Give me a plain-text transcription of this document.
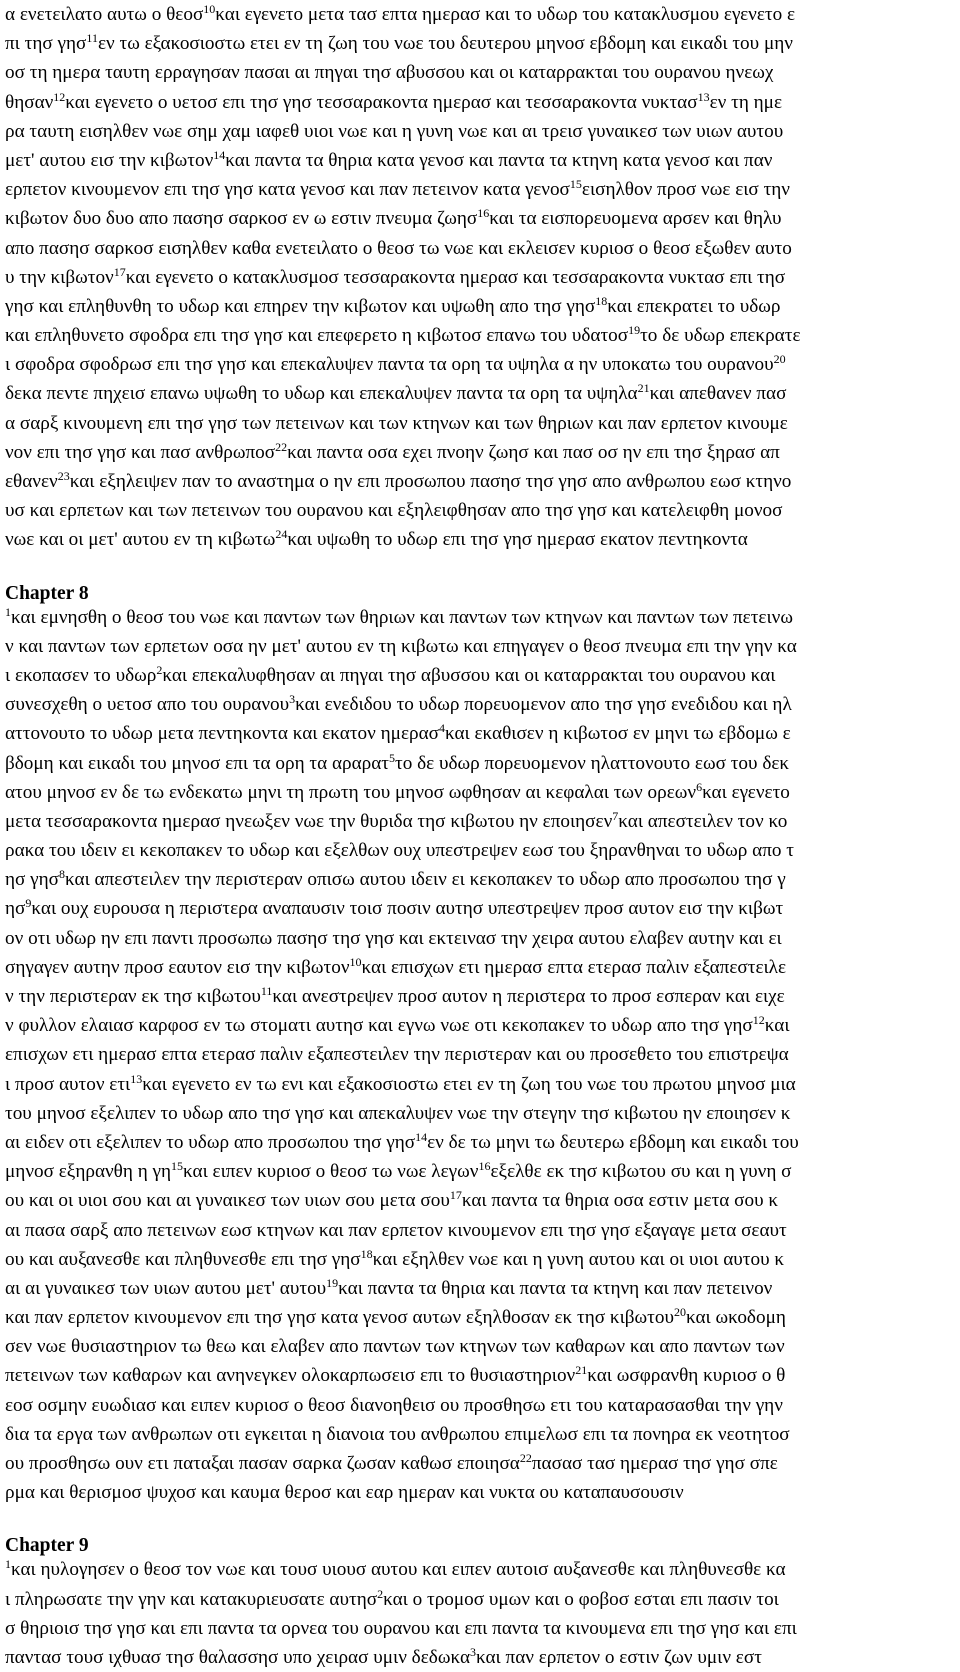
α ενετειλατο αυτω ο θεοσ$^{10}$και εγενετο μετα τασ επτα ημερασ και το υδωρ του κατακλυσμου εγενετο ε
πι τησ γησ$^{11}$εν τω εξακοσιοστω ετει εν τη ζωη του νωε του δευτερου μηνοσ εβδομη και εικαδι του μην
οσ τη ημερα ταυτη ερραγησαν πασαι αι πηγαι τησ αβυσσου και οι καταρρακται του ουρανου ηνεωχ
θησαν$^{12}$και εγενετο ο υετοσ επι τησ γησ τεσσαρακοντα ημερασ και τεσσαρακοντα νυκτασ$^{13}$εν τη ημε
ρα ταυτη εισηλθεν νωε σημ χαμ ιαφεθ υιοι νωε και η γυνη νωε και αι τρεισ γυναικεσ των υιων αυτου
μετ' αυτου εισ την κιβωτον$^{14}$και παντα τα θηρια κατα γενοσ και παντα τα κτηνη κατα γενοσ και παν
ερπετον κινουμενον επι τησ γησ κατα γενοσ και παν πετεινον κατα γενοσ$^{15}$εισηλθον προσ νωε εισ την
κιβωτον δυο δυο απο πασησ σαρκοσ εν ω εστιν πνευμα ζωησ$^{16}$και τα εισπορευομενα αρσεν και θηλυ
απο πασησ σαρκοσ εισηλθεν καθα ενετειλατο ο θεοσ τω νωε και εκλεισεν κυριοσ ο θεοσ εξωθεν αυτο
υ την κιβωτον$^{17}$και εγενετο ο κατακλυσμοσ τεσσαρακοντα ημερασ και τεσσαρακοντα νυκτασ επι τησ
γησ και επληθυνθη το υδωρ και επηρεν την κιβωτον και υψωθη απο τησ γησ$^{18}$και επεκρατει το υδωρ
και επληθυνετο σφοδρα επι τησ γησ και επεφερετο η κιβωτοσ επανω του υδατοσ$^{19}$το δε υδωρ επεκρατε
ι σφοδρα σφοδρωσ επι τησ γησ και επεκαλυψεν παντα τα ορη τα υψηλα α ην υποκατω του ουρανου$^{20}$
δεκα πεντε πηχεισ επανω υψωθη το υδωρ και επεκαλυψεν παντα τα ορη τα υψηλα$^{21}$και απεθανεν πασ
α σαρξ κινουμενη επι τησ γησ των πετεινων και των κτηνων και των θηριων και παν ερπετον κινουμε
νον επι τησ γησ και πασ ανθρωποσ$^{22}$και παντα οσα εχει πνοην ζωησ και πασ οσ ην επι τησ ξηρασ απ
εθανεν$^{23}$και εξηλειψεν παν το αναστημα ο ην επι προσωπου πασησ τησ γησ απο ανθρωπου εωσ κτηνο
υσ και ερπετων και των πετεινων του ουρανου και εξηλειφθησαν απο τησ γησ και κατελειφθη μονοσ
νωε και οι μετ' αυτου εν τη κιβωτω$^{24}$και υψωθη το υδωρ επι τησ γησ ημερασ εκατον πεντηκοντα
Chapter 8
$^1$και εμνησθη ο θεοσ του νωε και παντων των θηριων και παντων των κτηνων και παντων των πετεινω
ν και παντων των ερπετων οσα ην μετ' αυτου εν τη κιβωτω και επηγαγεν ο θεοσ πνευμα επι την γην κα
ι εκοπασεν το υδωρ$^2$και επεκαλυφθησαν αι πηγαι τησ αβυσσου και οι καταρρακται του ουρανου και
συνεσχεθη ο υετοσ απο του ουρανου$^3$και ενεδιδου το υδωρ πορευομενον απο τησ γησ ενεδιδου και ηλ
αττονουτο το υδωρ μετα πεντηκοντα και εκατον ημερασ$^4$και εκαθισεν η κιβωτοσ εν μηνι τω εβδομω ε
βδομη και εικαδι του μηνοσ επι τα ορη τα αραρατ$^5$το δε υδωρ πορευομενον ηλαττονουτο εωσ του δεκ
ατου μηνοσ εν δε τω ενδεκατω μηνι τη πρωτη του μηνοσ ωφθησαν αι κεφαλαι των ορεων$^6$και εγενετο
μετα τεσσαρακοντα ημερασ ηνεωξεν νωε την θυριδα τησ κιβωτου ην εποιησεν$^7$και απεστειλεν τον κο
ρακα του ιδειν ει κεκοπακεν το υδωρ και εξελθων ουχ υπεστρεψεν εωσ του ξηρανθηναι το υδωρ απο τ
ησ γησ$^8$και απεστειλεν την περιστεραν οπισω αυτου ιδειν ει κεκοπακεν το υδωρ απο προσωπου τησ γ
$\eta\sigma^9\kappa\alpha\iota$ ουχ ευρουσα η περιστερα αναπαυσιν τοισ ποσιν αυτησ υπεστρεψεν προσ αυτον εισ την κιβωτ
ον οτι υδωρ ην επι παντι προσωπω πασησ τησ γησ και εκτεινασ την χειρα αυτου ελαβεν αυτην και ει
σηγαγεν αυτην προσ εαυτον εισ την κιβωτον$^{10}$και επισχων ετι ημερασ επτα ετερασ παλιν εξαπεστειλε
ν την περιστεραν εκ τησ κιβωτου$^{11}$και ανεστρεψεν προσ αυτον η περιστερα το προσ εσπεραν και ειχε
ν φυλλον ελαιασ καρφοσ εν τω στοματι αυτησ και εγνω νωε οτι κεκοπακεν το υδωρ απο τησ γησ$^{12}$και
επισχων ετι ημερασ επτα ετερασ παλιν εξαπεστειλεν την περιστεραν και ου προσεθετο του επιστρεψα
ι προσ αυτον ετι$^{13}$και εγενετο εν τω ενι και εξακοσιοστω ετει εν τη ζωη του νωε του πρωτου μηνοσ μια
του μηνοσ εξελιπεν το υδωρ απο τησ γησ και απεκαλυψεν νωε την στεγην τησ κιβωτου ην εποιησεν κ
αι ειδεν οτι εξελιπεν το υδωρ απο προσωπου τησ γησ$^{14}$εν δε τω μηνι τω δευτερω εβδομη και εικαδι του
μηνοσ εξηρανθη η $\gamma\eta^{15}\kappa\alpha\iota$ ειπεν κυριοσ ο θεοσ τω νωε λεγων$^{16}$εξελθε εκ τησ κιβωτου συ και η γυνη σ
ου και οι υιοι σου και αι γυναικεσ των υιων σου μετα σου$^{17}$και παντα τα θηρια οσα εστιν μετα σου κ
αι πασα σαρξ απο πετεινων εωσ κτηνων και παν ερπετον κινουμενον επι τησ γησ εξαγαγε μετα σεαυτ
ου και αυξανεσθε και πληθυνεσθε επι τησ γησ$^{18}$και εξηλθεν νωε και η γυνη αυτου και οι υιοι αυτου κ
αι αι γυναικεσ των υιων αυτου μετ' αυτου$^{19}$και παντα τα θηρια και παντα τα κτηνη και παν πετεινον
και παν ερπετον κινουμενον επι τησ γησ κατα γενοσ αυτων εξηλθοσαν εκ τησ κιβωτου$^{20}$και ωκοδομη
σεν νωε θυσιαστηριον τω θεω και ελαβεν απο παντων των κτηνων των καθαρων και απο παντων των
πετεινων των καθαρων και ανηνεγκεν ολοκαρπωσεισ επι το θυσιαστηριον$^{21}$και ωσφρανθη κυριοσ ο θ
εοσ οσμην ευωδιασ και ειπεν κυριοσ ο θεοσ διανοηθεισ ου προσθησω ετι του καταρασασθαι την γην
δια τα εργα των ανθρωπων οτι εγκειται η διανοια του ανθρωπου επιμελωσ επι τα πονηρα εκ νεοτητοσ
ου προσθησω ουν ετι παταξαι πασαν σαρκα ζωσαν καθωσ εποιησα$^{22}$πασασ τασ ημερασ τησ γησ σπε
ρμα και θερισμοσ ψυχοσ και καυμα θεροσ και εαρ ημεραν και νυκτα ου καταπαυσουσιν
Chapter 9
$^1$και ηυλογησεν ο θεοσ τον νωε και τουσ υιουσ αυτου και ειπεν αυτοισ αυξανεσθε και πληθυνεσθε κα
ι πληρωσατε την γην και κατακυριευσατε αυτησ$^2$και ο τρομοσ υμων και ο φοβοσ εσται επι πασιν τοι
σ θηριοισ τησ γησ και επι παντα τα ορνεα του ουρανου και επι παντα τα κινουμενα επι τησ γησ και επι
παντασ τουσ ιχθυασ τησ θαλασσησ υπο χειρασ υμιν δεδωκα$^3$και παν ερπετον ο εστιν ζων υμιν εστ
